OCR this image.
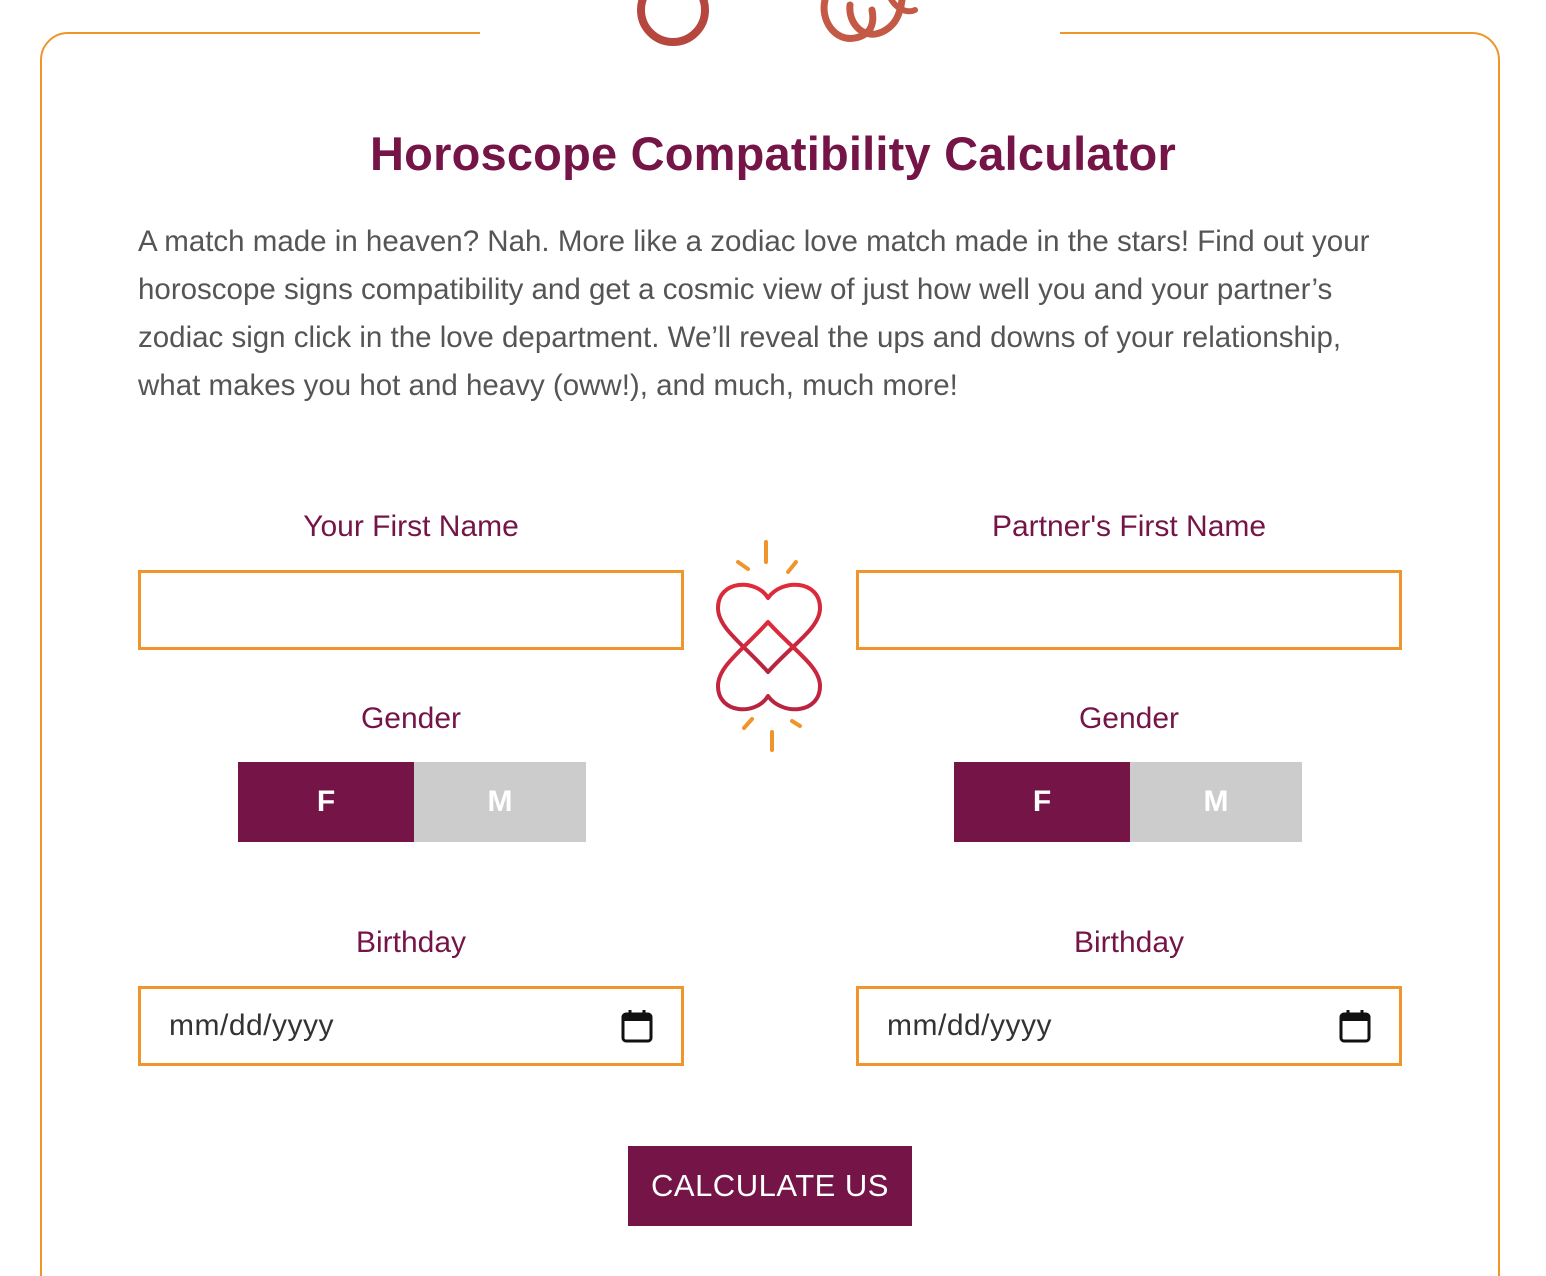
Horoscope Compatibility Calculator

A match made in heaven? Nah. More like a zodiac love match made in the stars! Find out your horoscope signs compatibility and get a cosmic view of just how well you and your partner’s zodiac sign click in the love department. We’ll reveal the ups and downs of your relationship, what makes you hot and heavy (oww!), and much, much more!

Your First Name	Partner's First Name
Gender
F	M
Gender
F	M
Birthday
mm/dd/yyyy
Birthday
mm/dd/yyyy
CALCULATE US
